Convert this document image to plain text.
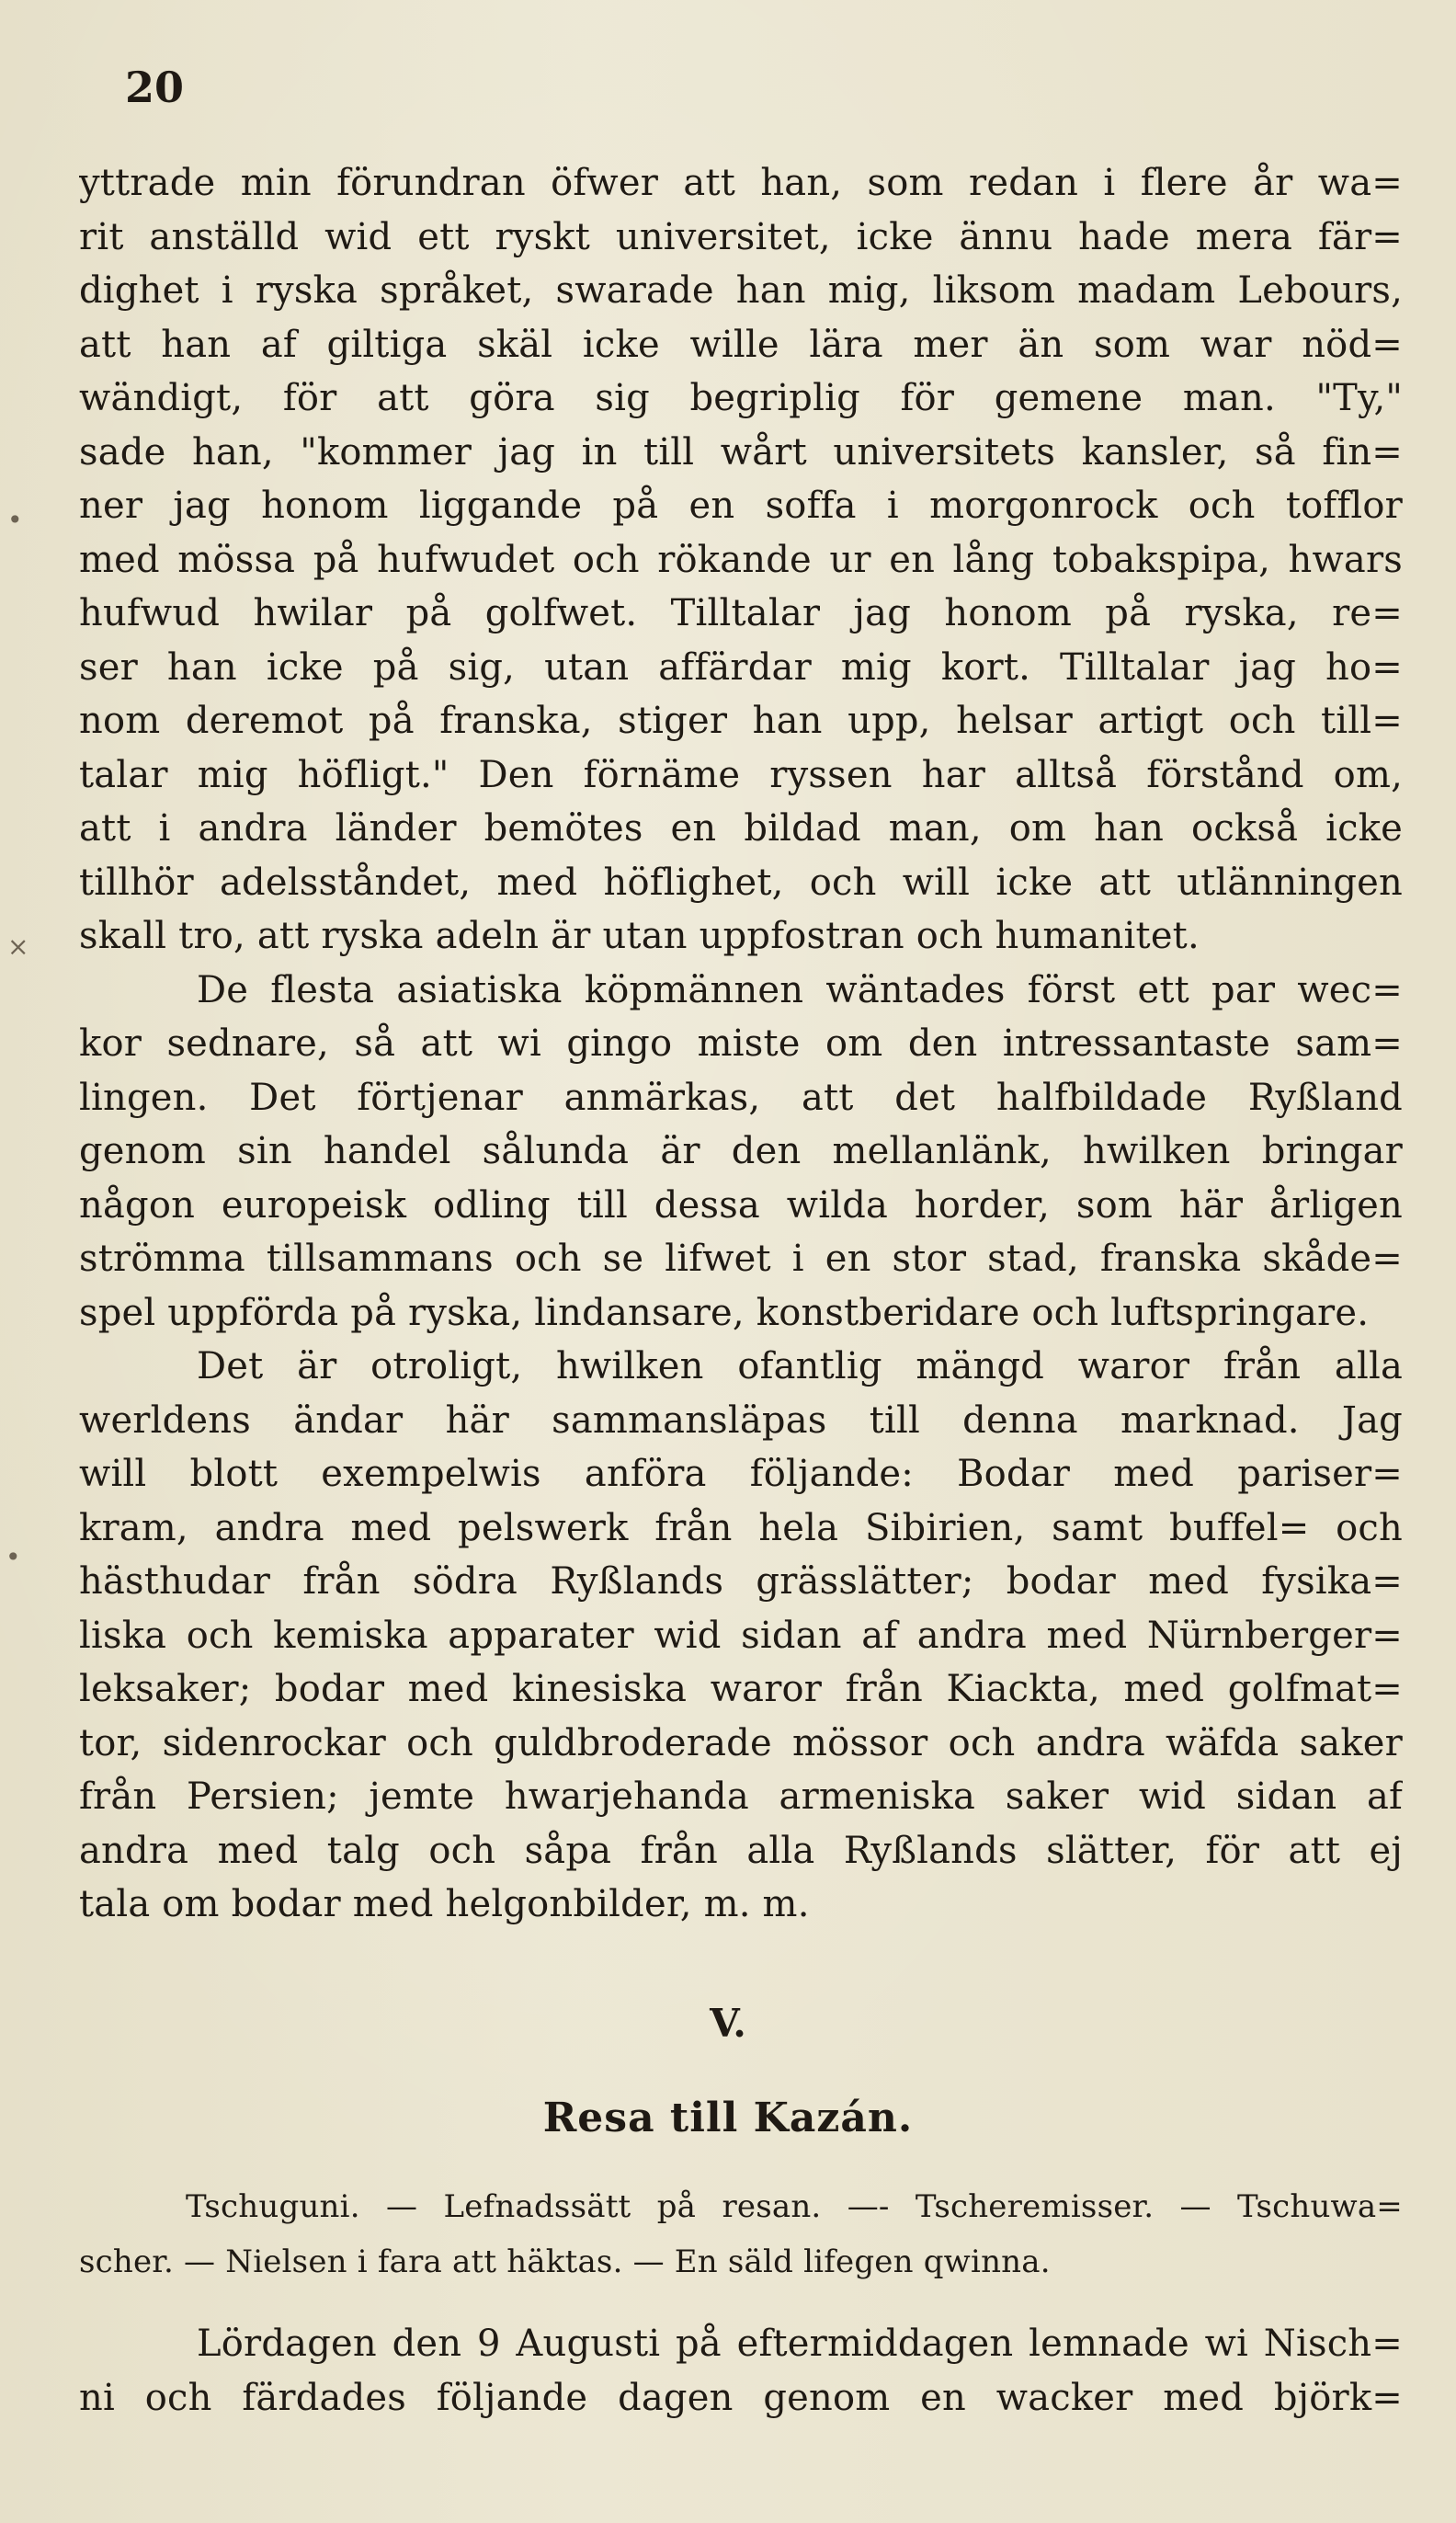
20
yttrade min förundran öfwer att han, som redan i flere år wa=
rit anställd wid ett ryskt universitet, icke ännu hade mera fär=
dighet i ryska språket, swarade han mig, liksom madam Lebours,
att han af giltiga skäl icke wille lära mer än som war nöd=
wändigt, för att göra sig begriplig för gemene man. "Ty,"
sade han, "kommer jag in till wårt universitets kansler, så fin=
ner jag honom liggande på en soffa i morgonrock och tofflor
med mössa på hufwudet och rökande ur en lång tobakspipa, hwars
hufwud hwilar på golfwet. Tilltalar jag honom på ryska, re=
ser han icke på sig, utan affärdar mig kort. Tilltalar jag ho=
nom deremot på franska, stiger han upp, helsar artigt och till=
talar mig höfligt." Den förnäme ryssen har alltså förstånd om,
att i andra länder bemötes en bildad man, om han också icke
tillhör adelsståndet, med höflighet, och will icke att utlänningen
skall tro, att ryska adeln är utan uppfostran och humanitet.
De flesta asiatiska köpmännen wäntades först ett par wec=
kor sednare, så att wi gingo miste om den intressantaste sam=
lingen. Det förtjenar anmärkas, att det halfbildade Ryßland
genom sin handel sålunda är den mellanlänk, hwilken bringar
någon europeisk odling till dessa wilda horder, som här årligen
strömma tillsammans och se lifwet i en stor stad, franska skåde=
spel uppförda på ryska, lindansare, konstberidare och luftspringare.
Det är otroligt, hwilken ofantlig mängd waror från alla
werldens ändar här sammansläpas till denna marknad. Jag
will blott exempelwis anföra följande: Bodar med pariser=
kram, andra med pelswerk från hela Sibirien, samt buffel= och
hästhudar från södra Ryßlands grässlätter; bodar med fysika=
liska och kemiska apparater wid sidan af andra med Nürnberger=
leksaker; bodar med kinesiska waror från Kiackta, med golfmat=
tor, sidenrockar och guldbroderade mössor och andra wäfda saker
från Persien; jemte hwarjehanda armeniska saker wid sidan af
andra med talg och såpa från alla Ryßlands slätter, för att ej
tala om bodar med helgonbilder, m. m.
V.
Resa till Kazán.
Tschuguni. — Lefnadssätt på resan. —- Tscheremisser. — Tschuwa=
scher. — Nielsen i fara att häktas. — En säld lifegen qwinna.
Lördagen den 9 Augusti på eftermiddagen lemnade wi Nisch=
ni och färdades följande dagen genom en wacker med björk=
•
×
•
